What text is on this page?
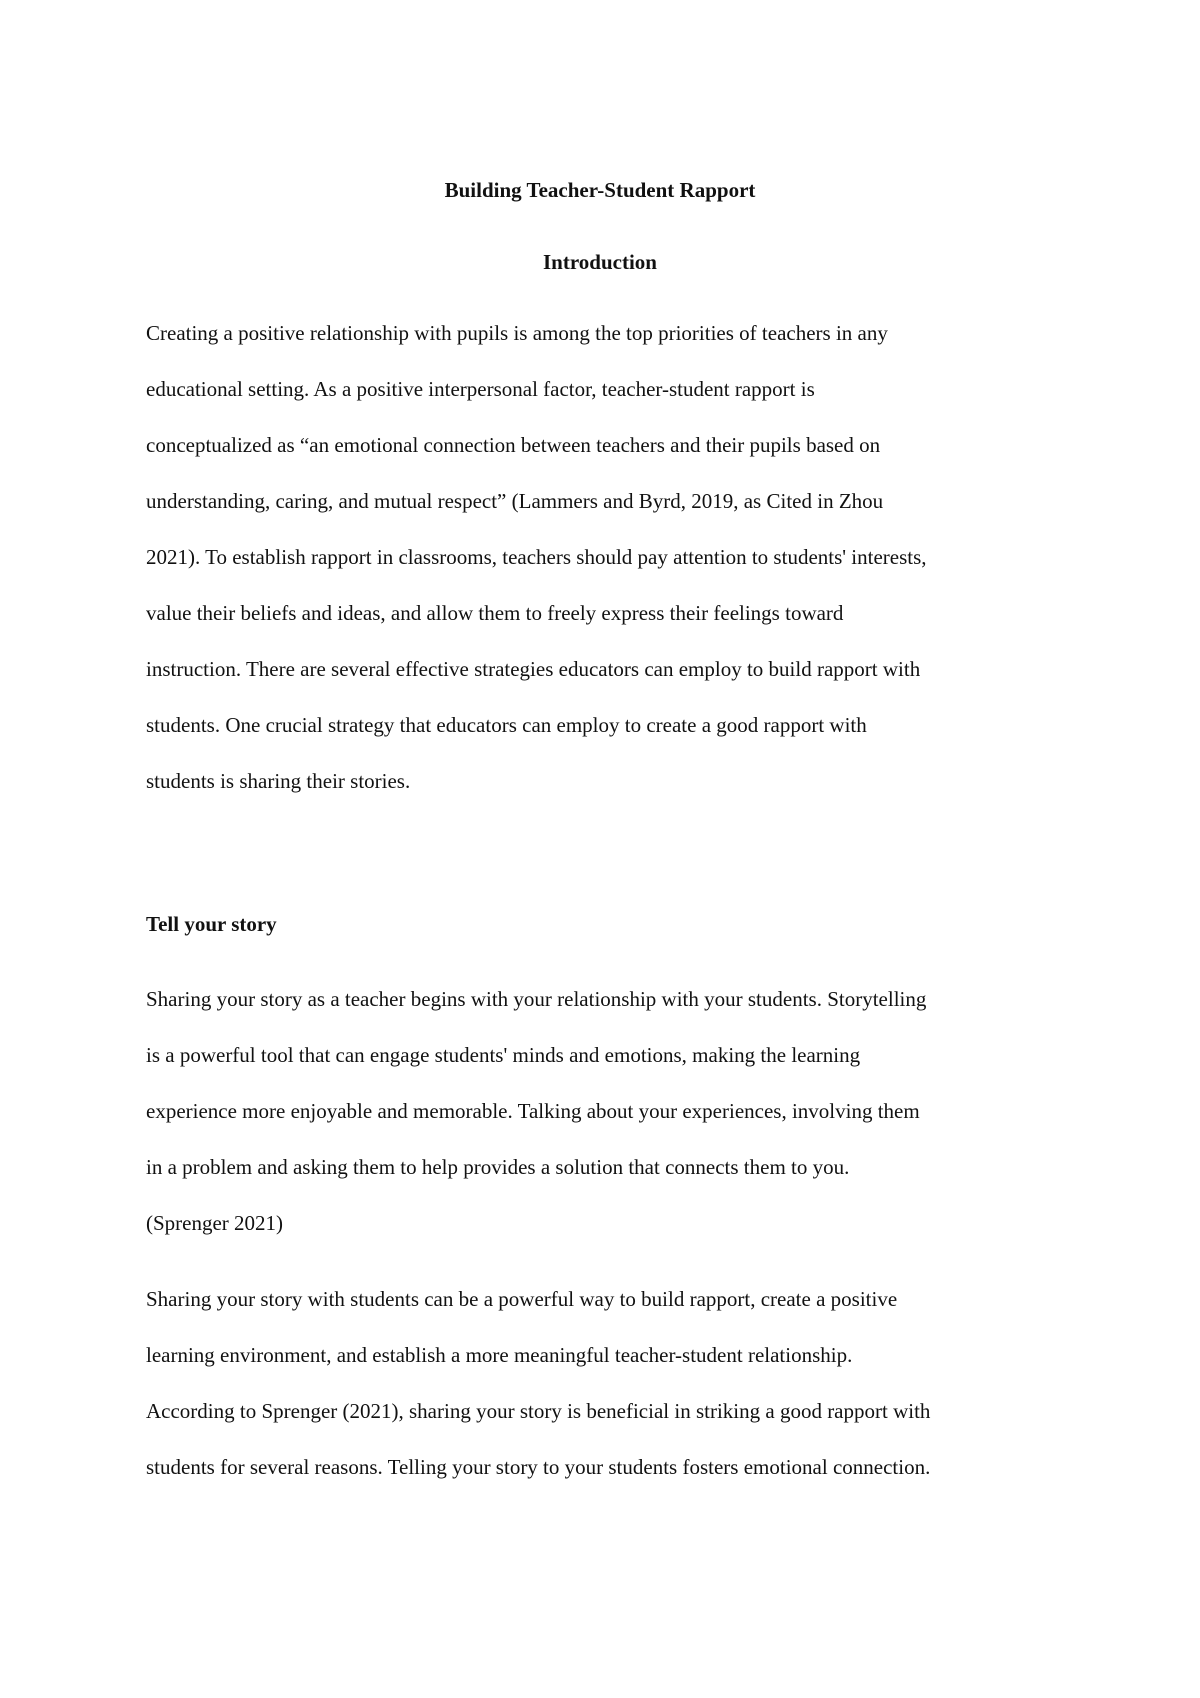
Building Teacher-Student Rapport
Introduction

Creating a positive relationship with pupils is among the top priorities of teachers in any
educational setting. As a positive interpersonal factor, teacher-student rapport is
conceptualized as “an emotional connection between teachers and their pupils based on
understanding, caring, and mutual respect” (Lammers and Byrd, 2019, as Cited in Zhou
2021). To establish rapport in classrooms, teachers should pay attention to students' interests,
value their beliefs and ideas, and allow them to freely express their feelings toward
instruction. There are several effective strategies educators can employ to build rapport with
students. One crucial strategy that educators can employ to create a good rapport with
students is sharing their stories.

Tell your story

Sharing your story as a teacher begins with your relationship with your students. Storytelling
is a powerful tool that can engage students' minds and emotions, making the learning
experience more enjoyable and memorable. Talking about your experiences, involving them
in a problem and asking them to help provides a solution that connects them to you.
(Sprenger 2021)

Sharing your story with students can be a powerful way to build rapport, create a positive
learning environment, and establish a more meaningful teacher-student relationship.
According to Sprenger (2021), sharing your story is beneficial in striking a good rapport with
students for several reasons. Telling your story to your students fosters emotional connection.
